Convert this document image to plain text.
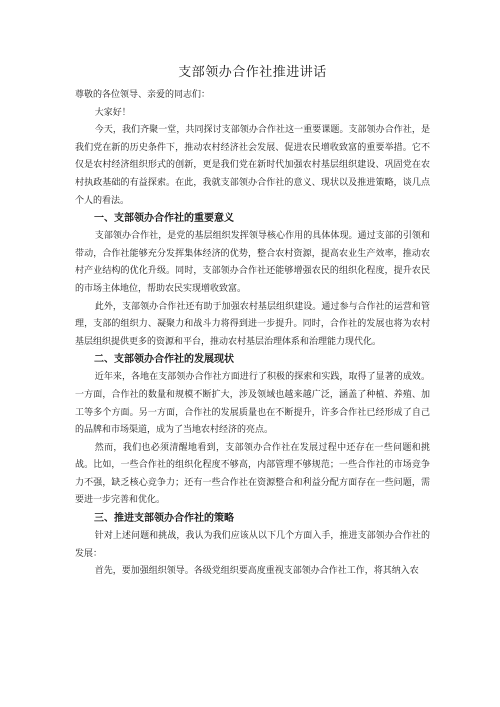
支部领办合作社推进讲话

尊敬的各位领导、亲爱的同志们：

大家好！

今天，我们齐聚一堂，共同探讨支部领办合作社这一重要课题。支部领办合作社，是我们党在新的历史条件下，推动农村经济社会发展、促进农民增收致富的重要举措。它不仅是农村经济组织形式的创新，更是我们党在新时代加强农村基层组织建设、巩固党在农村执政基础的有益探索。在此，我就支部领办合作社的意义、现状以及推进策略，谈几点个人的看法。

一、支部领办合作社的重要意义

支部领办合作社，是党的基层组织发挥领导核心作用的具体体现。通过支部的引领和带动，合作社能够充分发挥集体经济的优势，整合农村资源，提高农业生产效率，推动农村产业结构的优化升级。同时，支部领办合作社还能够增强农民的组织化程度，提升农民的市场主体地位，帮助农民实现增收致富。

此外，支部领办合作社还有助于加强农村基层组织建设。通过参与合作社的运营和管理，支部的组织力、凝聚力和战斗力将得到进一步提升。同时，合作社的发展也将为农村基层组织提供更多的资源和平台，推动农村基层治理体系和治理能力现代化。

二、支部领办合作社的发展现状

近年来，各地在支部领办合作社方面进行了积极的探索和实践，取得了显著的成效。一方面，合作社的数量和规模不断扩大，涉及领域也越来越广泛，涵盖了种植、养殖、加工等多个方面。另一方面，合作社的发展质量也在不断提升，许多合作社已经形成了自己的品牌和市场渠道，成为了当地农村经济的亮点。

然而，我们也必须清醒地看到，支部领办合作社在发展过程中还存在一些问题和挑战。比如，一些合作社的组织化程度不够高，内部管理不够规范；一些合作社的市场竞争力不强，缺乏核心竞争力；还有一些合作社在资源整合和利益分配方面存在一些问题，需要进一步完善和优化。

三、推进支部领办合作社的策略

针对上述问题和挑战，我认为我们应该从以下几个方面入手，推进支部领办合作社的发展：

首先，要加强组织领导。各级党组织要高度重视支部领办合作社工作，将其纳入农
